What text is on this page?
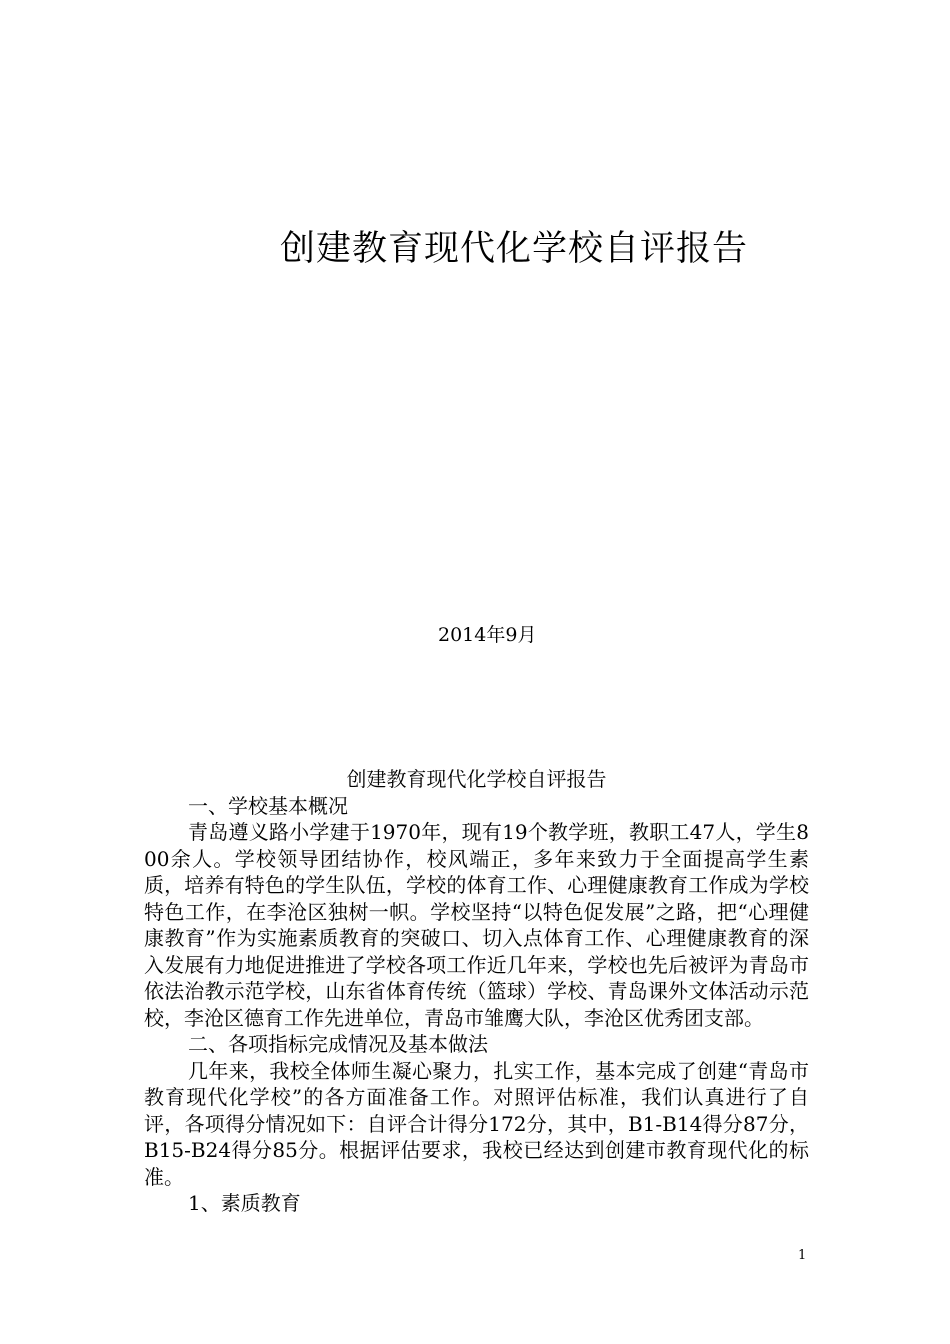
创建教育现代化学校自评报告
2014年9月
创建教育现代化学校自评报告

一、学校基本概况

青岛遵义路小学建于1970年，现有19个教学班，教职工47人，学生800余人。学校领导团结协作，校风端正，多年来致力于全面提高学生素质，培养有特色的学生队伍，学校的体育工作、心理健康教育工作成为学校特色工作，在李沧区独树一帜。学校坚持“以特色促发展”之路，把“心理健康教育”作为实施素质教育的突破口、切入点体育工作、心理健康教育的深入发展有力地促进推进了学校各项工作近几年来，学校也先后被评为青岛市依法治教示范学校，山东省体育传统（篮球）学校、青岛课外文体活动示范校，李沧区德育工作先进单位，青岛市雏鹰大队，李沧区优秀团支部。

二、各项指标完成情况及基本做法

几年来，我校全体师生凝心聚力，扎实工作，基本完成了创建“青岛市教育现代化学校”的各方面准备工作。对照评估标准，我们认真进行了自评，各项得分情况如下：自评合计得分172分，其中，B1-B14得分87分，B15-B24得分85分。根据评估要求，我校已经达到创建市教育现代化的标准。

1、素质教育

1
